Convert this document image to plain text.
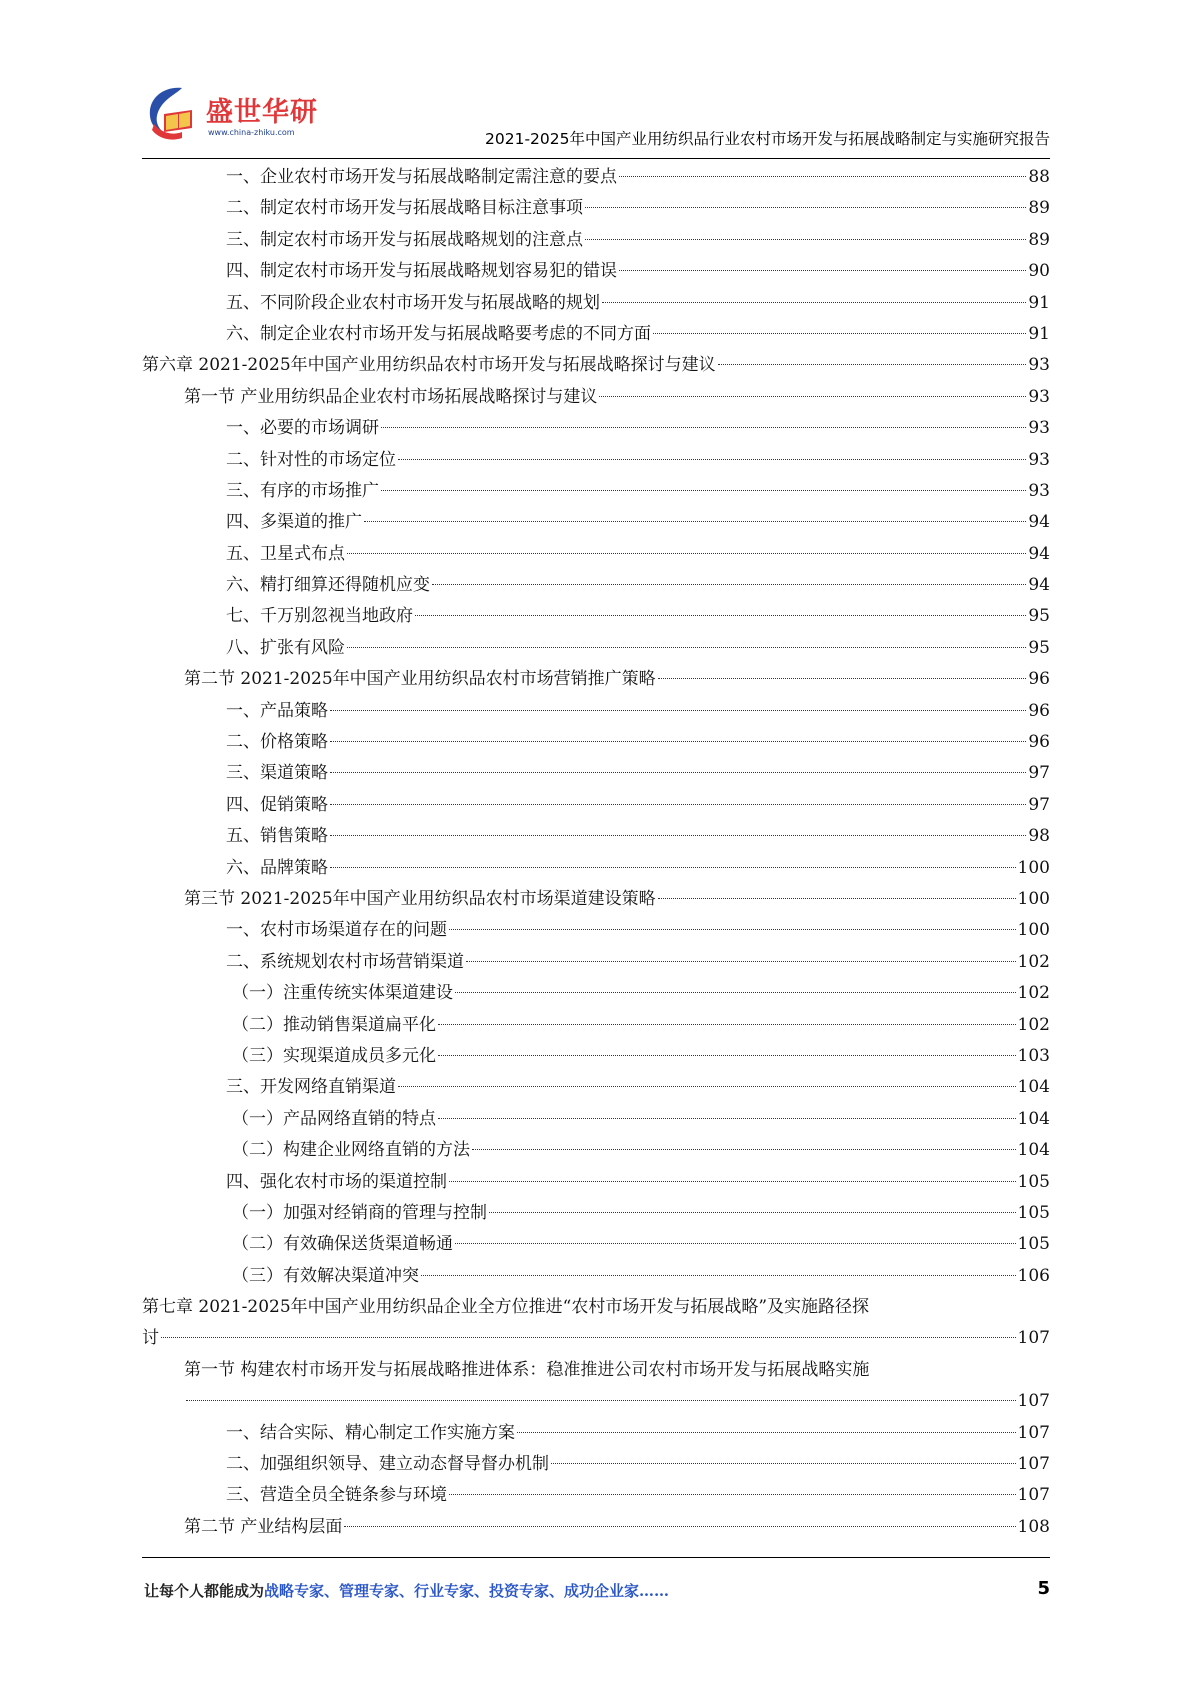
盛世华研
www.china-zhiku.com	2021-2025年中国产业用纺织品行业农村市场开发与拓展战略制定与实施研究报告
一、企业农村市场开发与拓展战略制定需注意的要点	88
二、制定农村市场开发与拓展战略目标注意事项	89
三、制定农村市场开发与拓展战略规划的注意点	89
四、制定农村市场开发与拓展战略规划容易犯的错误	90
五、不同阶段企业农村市场开发与拓展战略的规划	91
六、制定企业农村市场开发与拓展战略要考虑的不同方面	91
第六章 2021-2025年中国产业用纺织品农村市场开发与拓展战略探讨与建议	93
第一节 产业用纺织品企业农村市场拓展战略探讨与建议	93
一、必要的市场调研	93
二、针对性的市场定位	93
三、有序的市场推广	93
四、多渠道的推广	94
五、卫星式布点	94
六、精打细算还得随机应变	94
七、千万别忽视当地政府	95
八、扩张有风险	95
第二节 2021-2025年中国产业用纺织品农村市场营销推广策略	96
一、产品策略	96
二、价格策略	96
三、渠道策略	97
四、促销策略	97
五、销售策略	98
六、品牌策略	100
第三节 2021-2025年中国产业用纺织品农村市场渠道建设策略	100
一、农村市场渠道存在的问题	100
二、系统规划农村市场营销渠道	102
（一）注重传统实体渠道建设	102
（二）推动销售渠道扁平化	102
（三）实现渠道成员多元化	103
三、开发网络直销渠道	104
（一）产品网络直销的特点	104
（二）构建企业网络直销的方法	104
四、强化农村市场的渠道控制	105
（一）加强对经销商的管理与控制	105
（二）有效确保送货渠道畅通	105
（三）有效解决渠道冲突	106
第七章 2021-2025年中国产业用纺织品企业全方位推进“农村市场开发与拓展战略”及实施路径探
讨	107
第一节 构建农村市场开发与拓展战略推进体系：稳准推进公司农村市场开发与拓展战略实施
107
一、结合实际、精心制定工作实施方案	107
二、加强组织领导、建立动态督导督办机制	107
三、营造全员全链条参与环境	107
第二节 产业结构层面	108
让每个人都能成为战略专家、管理专家、行业专家、投资专家、成功企业家……	5
